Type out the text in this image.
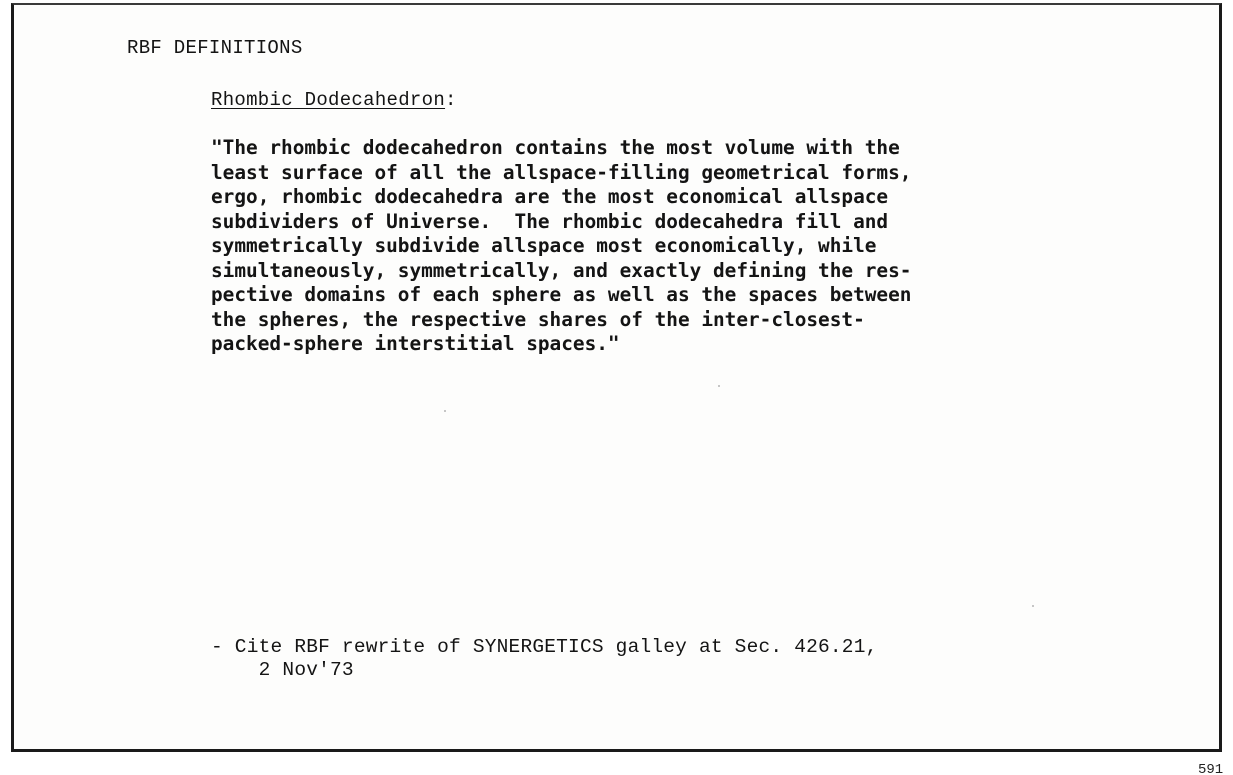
RBF DEFINITIONS
Rhombic Dodecahedron:
"The rhombic dodecahedron contains the most volume with the
least surface of all the allspace-filling geometrical forms,
ergo, rhombic dodecahedra are the most economical allspace
subdividers of Universe.  The rhombic dodecahedra fill and
symmetrically subdivide allspace most economically, while
simultaneously, symmetrically, and exactly defining the res-
pective domains of each sphere as well as the spaces between
the spheres, the respective shares of the inter-closest-
packed-sphere interstitial spaces."
- Cite RBF rewrite of SYNERGETICS galley at Sec. 426.21,
2 Nov'73
591
